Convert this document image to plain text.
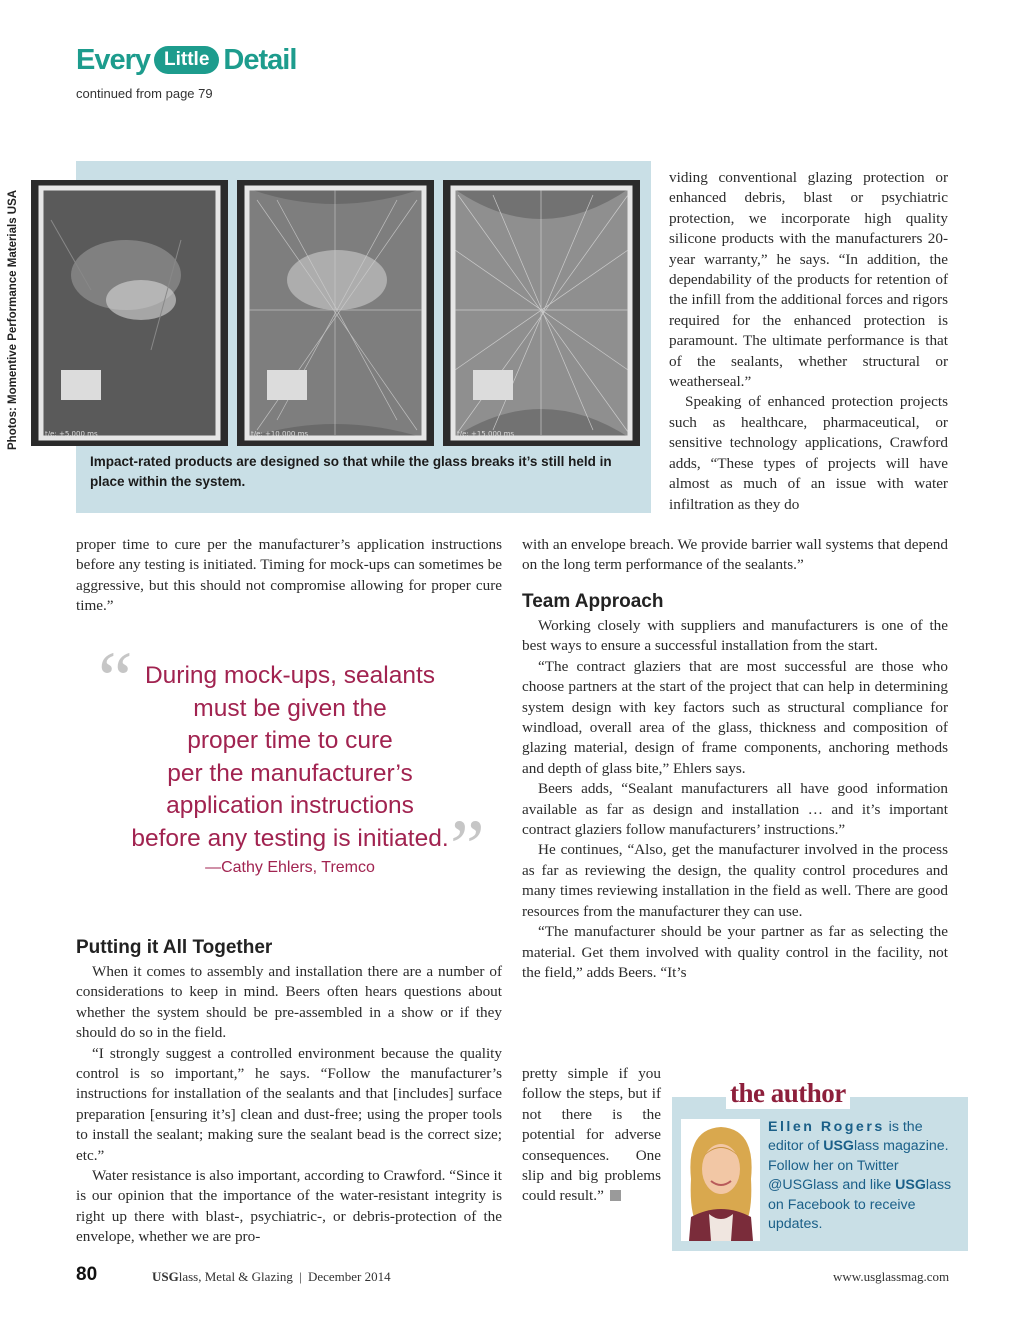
Every Little Detail
continued from page 79
Photos: Momentive Performance Materials USA	t/e: +5.000 ms	t/e: +10.000 ms	t/e: +15.000 ms
Impact-rated products are designed so that while the glass breaks it’s still held in place within the system.

proper time to cure per the manufacturer’s application instructions before any testing is initiated. Timing for mock-ups can sometimes be aggressive, but this should not compromise allowing for proper cure time.”

“
”
During mock-ups, sealants
must be given the
proper time to cure
per the manufacturer’s
application instructions
before any testing is initiated.
—Cathy Ehlers, Tremco
Putting it All Together

When it comes to assembly and installation there are a number of considerations to keep in mind. Beers often hears questions about whether the system should be pre-assembled in a show or if they should do so in the field.

“I strongly suggest a controlled environment because the quality control is so important,” he says. “Follow the manufacturer’s instructions for installation of the sealants and that [includes] surface preparation [ensuring it’s] clean and dust-free; using the proper tools to install the sealant; making sure the sealant bead is the correct size; etc.”

Water resistance is also important, according to Crawford. “Since it is our opinion that the importance of the water-resistant integrity is right up there with blast-, psychiatric-, or debris-protection of the envelope, whether we are pro-

viding conventional glazing protection or enhanced debris, blast or psychiatric protection, we incorporate high quality silicone products with the manufacturers 20-year warranty,” he says. “In addition, the dependability of the products for retention of the infill from the additional forces and rigors required for the enhanced protection is paramount. The ultimate performance is that of the sealants, whether structural or weatherseal.”

Speaking of enhanced protection projects such as healthcare, pharmaceutical, or sensitive technology applications, Crawford adds, “These types of projects will have almost as much of an issue with water infiltration as they do

with an envelope breach. We provide barrier wall systems that depend on the long term performance of the sealants.”

Team Approach

Working closely with suppliers and manufacturers is one of the best ways to ensure a successful installation from the start.

“The contract glaziers that are most successful are those who choose partners at the start of the project that can help in determining system design with key factors such as structural compliance for windload, overall area of the glass, thickness and composition of glazing material, design of frame components, anchoring methods and depth of glass bite,” Ehlers says.

Beers adds, “Sealant manufacturers all have good information available as far as design and installation … and it’s important contract glaziers follow manufacturers’ instructions.”

He continues, “Also, get the manufacturer involved in the process as far as reviewing the design, the quality control procedures and many times reviewing installation in the field as well. There are good resources from the manufacturer they can use.

“The manufacturer should be your partner as far as selecting the material. Get them involved with quality control in the facility, not the field,” adds Beers. “It’s

pretty simple if you follow the steps, but if not there is the potential for adverse consequences. One slip and big problems could result.”

the author
Ellen Rogers is the editor of USGlass magazine. Follow her on Twitter @USGlass and like USGlass on Facebook to receive updates.
80	USGlass, Metal & Glazing | December 2014	www.usglassmag.com
